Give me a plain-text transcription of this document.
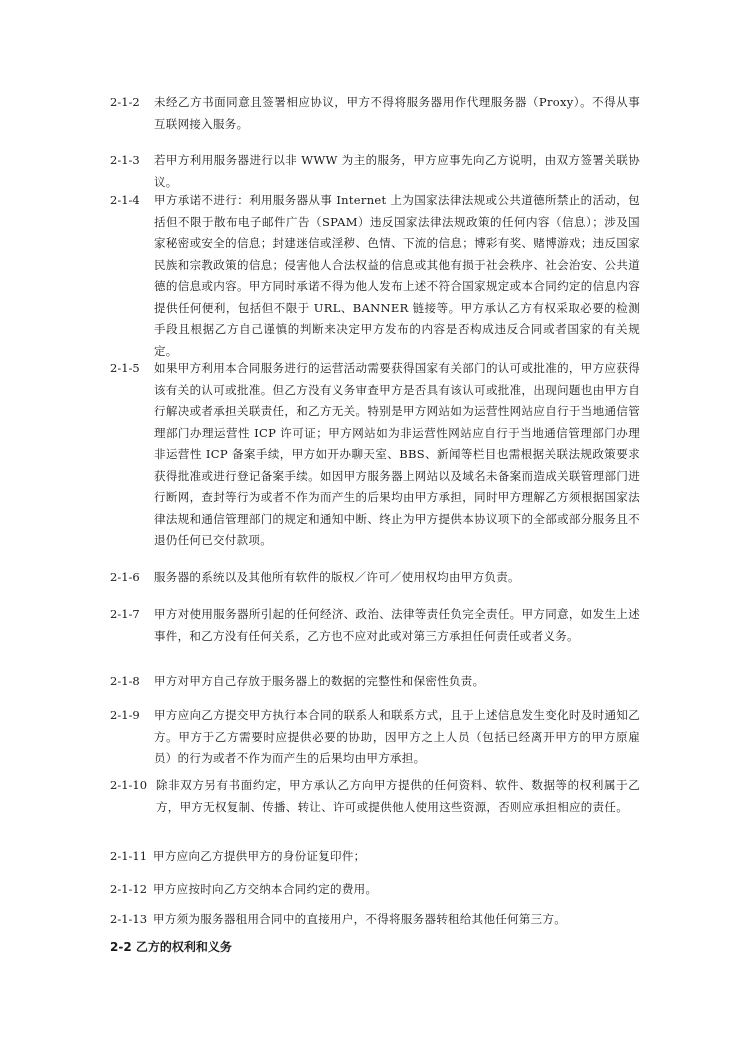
2-1-2 未经乙方书面同意且签署相应协议，甲方不得将服务器用作代理服务器（Proxy）。不得从事互联网接入服务。
2-1-3 若甲方利用服务器进行以非 WWW 为主的服务，甲方应事先向乙方说明，由双方签署关联协议。
2-1-4 甲方承诺不进行：利用服务器从事 Internet 上为国家法律法规或公共道德所禁止的活动，包括但不限于散布电子邮件广告（SPAM）违反国家法律法规政策的任何内容（信息）；涉及国家秘密或安全的信息；封建迷信或淫秽、色情、下流的信息；博彩有奖、赌博游戏；违反国家民族和宗教政策的信息；侵害他人合法权益的信息或其他有损于社会秩序、社会治安、公共道德的信息或内容。甲方同时承诺不得为他人发布上述不符合国家规定或本合同约定的信息内容提供任何便利，包括但不限于 URL、BANNER 链接等。甲方承认乙方有权采取必要的检测手段且根据乙方自己谨慎的判断来决定甲方发布的内容是否构成违反合同或者国家的有关规定。
2-1-5 如果甲方利用本合同服务进行的运营活动需要获得国家有关部门的认可或批准的，甲方应获得该有关的认可或批准。但乙方没有义务审查甲方是否具有该认可或批准，出现问题也由甲方自行解决或者承担关联责任，和乙方无关。特别是甲方网站如为运营性网站应自行于当地通信管理部门办理运营性 ICP 许可证；甲方网站如为非运营性网站应自行于当地通信管理部门办理非运营性 ICP 备案手续，甲方如开办聊天室、BBS、新闻等栏目也需根据关联法规政策要求获得批准或进行登记备案手续。如因甲方服务器上网站以及域名未备案而造成关联管理部门进行断网，查封等行为或者不作为而产生的后果均由甲方承担，同时甲方理解乙方须根据国家法律法规和通信管理部门的规定和通知中断、终止为甲方提供本协议项下的全部或部分服务且不退仍任何已交付款项。
2-1-6 服务器的系统以及其他所有软件的版权／许可／使用权均由甲方负责。
2-1-7 甲方对使用服务器所引起的任何经济、政治、法律等责任负完全责任。甲方同意，如发生上述事件，和乙方没有任何关系，乙方也不应对此或对第三方承担任何责任或者义务。
2-1-8 甲方对甲方自己存放于服务器上的数据的完整性和保密性负责。
2-1-9 甲方应向乙方提交甲方执行本合同的联系人和联系方式，且于上述信息发生变化时及时通知乙方。甲方于乙方需要时应提供必要的协助，因甲方之上人员（包括已经离开甲方的甲方原雇员）的行为或者不作为而产生的后果均由甲方承担。
2-1-10 除非双方另有书面约定，甲方承认乙方向甲方提供的任何资料、软件、数据等的权利属于乙方，甲方无权复制、传播、转让、许可或提供他人使用这些资源，否则应承担相应的责任。
2-1-11 甲方应向乙方提供甲方的身份证复印件；
2-1-12 甲方应按时向乙方交纳本合同约定的费用。
2-1-13 甲方须为服务器租用合同中的直接用户，不得将服务器转租给其他任何第三方。
2-2 乙方的权利和义务
